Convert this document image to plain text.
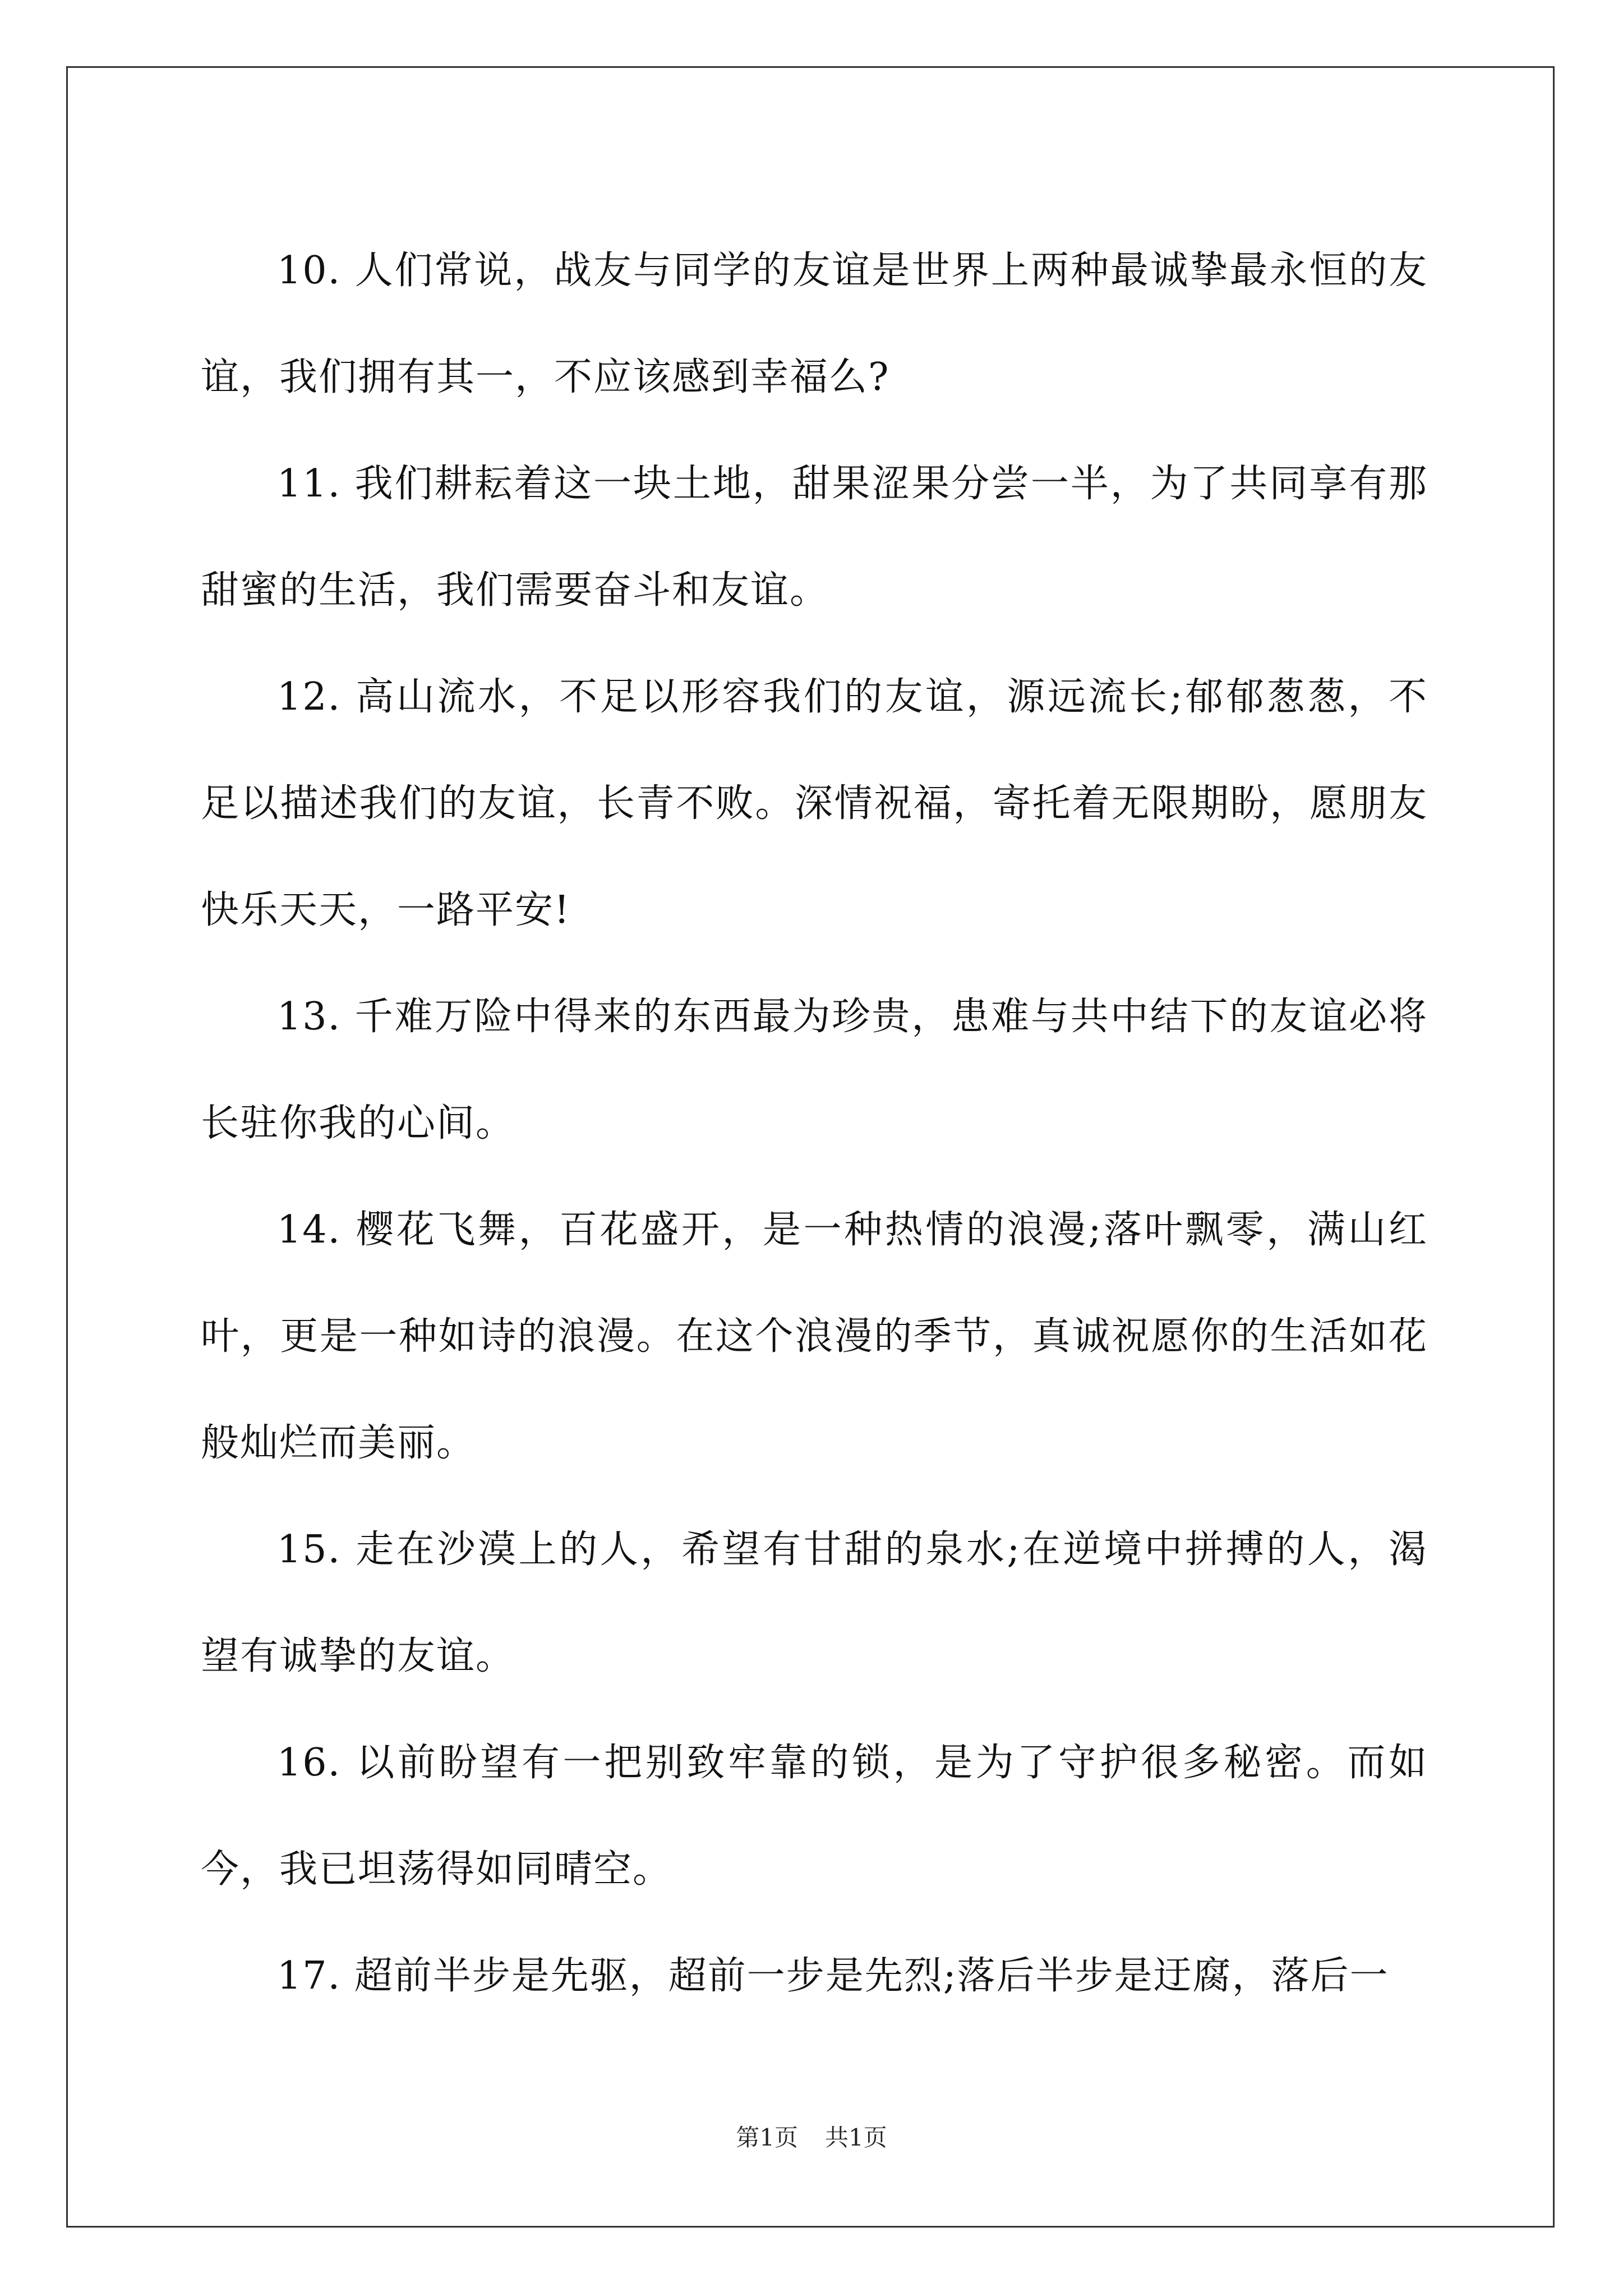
10. 人们常说，战友与同学的友谊是世界上两种最诚挚最永恒的友谊，我们拥有其一，不应该感到幸福么?

11. 我们耕耘着这一块土地，甜果涩果分尝一半，为了共同享有那甜蜜的生活，我们需要奋斗和友谊。

12. 高山流水，不足以形容我们的友谊，源远流长;郁郁葱葱，不足以描述我们的友谊，长青不败。深情祝福，寄托着无限期盼，愿朋友快乐天天，一路平安!

13. 千难万险中得来的东西最为珍贵，患难与共中结下的友谊必将长驻你我的心间。

14. 樱花飞舞，百花盛开，是一种热情的浪漫;落叶飘零，满山红叶，更是一种如诗的浪漫。在这个浪漫的季节，真诚祝愿你的生活如花般灿烂而美丽。

15. 走在沙漠上的人，希望有甘甜的泉水;在逆境中拼搏的人，渴望有诚挚的友谊。

16. 以前盼望有一把别致牢靠的锁，是为了守护很多秘密。而如今，我已坦荡得如同晴空。

17. 超前半步是先驱，超前一步是先烈;落后半步是迂腐，落后一

第1页 共1页
